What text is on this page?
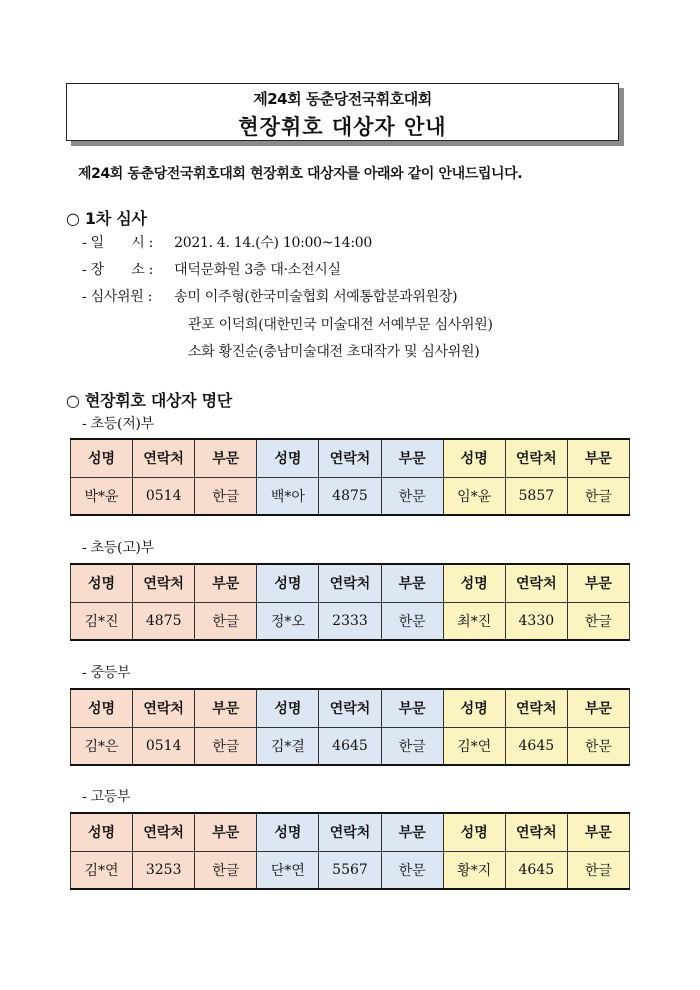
제24회 동춘당전국휘호대회
현장휘호 대상자 안내
제24회 동춘당전국휘호대회 현장휘호 대상자를 아래와 같이 안내드립니다.
○ 1차 심사
- 일　　시 : 2021. 4. 14.(수) 10:00~14:00
- 장　　소 : 대덕문화원 3층 대·소전시실
- 심사위원 : 송미 이주형(한국미술협회 서예통합분과위원장)
관포 이덕희(대한민국 미술대전 서예부문 심사위원)
소화 황진순(충남미술대전 초대작가 및 심사위원)
○ 현장휘호 대상자 명단
- 초등(저)부
성명	연락처	부문	성명	연락처	부문	성명	연락처	부문
박*윤	0514	한글	백*아	4875	한문	임*윤	5857	한글
- 초등(고)부
성명	연락처	부문	성명	연락처	부문	성명	연락처	부문
김*진	4875	한글	정*오	2333	한문	최*진	4330	한글
- 중등부
성명	연락처	부문	성명	연락처	부문	성명	연락처	부문
김*은	0514	한글	김*결	4645	한글	김*연	4645	한문
- 고등부
성명	연락처	부문	성명	연락처	부문	성명	연락처	부문
김*연	3253	한글	단*연	5567	한문	황*지	4645	한글
